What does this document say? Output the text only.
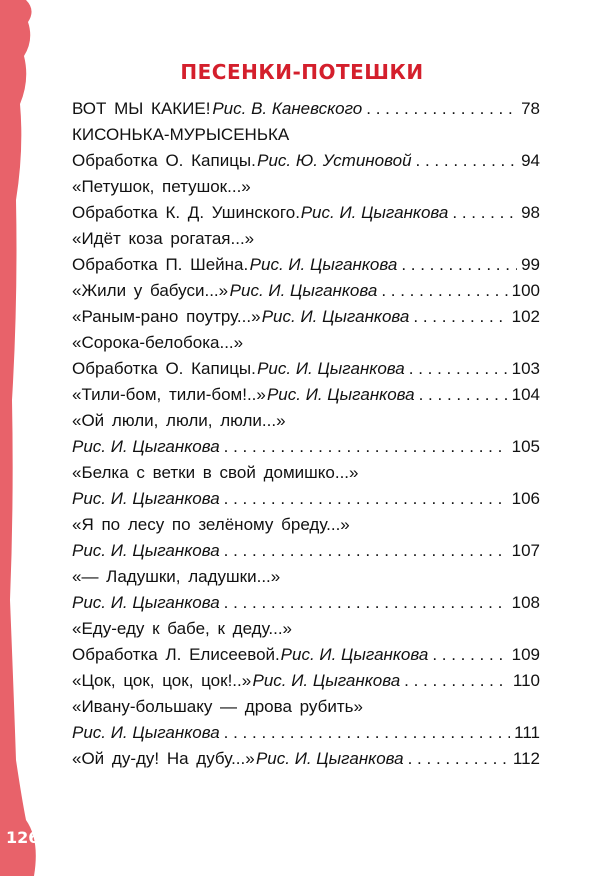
126
ПЕСЕНКИ-ПОТЕШКИ
ВОТ МЫ КАКИЕ! Рис. В. Каневского . . .	78
КИСОНЬКА-МУРЫСЕНЬКА
Обработка О. Капицы. Рис. Ю. Устиновой . . .	94
«Петушок, петушок...»
Обработка К. Д. Ушинского. Рис. И. Цыганкова . . .	98
«Идёт коза рогатая...»
Обработка П. Шейна. Рис. И. Цыганкова . . .	99
«Жили у бабуси...» Рис. И. Цыганкова . . .	100
«Раным-рано поутру...» Рис. И. Цыганкова . . .	102
«Сорока-белобока...»
Обработка О. Капицы. Рис. И. Цыганкова . . .	103
«Тили-бом, тили-бом!..» Рис. И. Цыганкова . . .	104
«Ой люли, люли, люли...»
Рис. И. Цыганкова . . .	105
«Белка с ветки в свой домишко...»
Рис. И. Цыганкова . . .	106
«Я по лесу по зелёному бреду...»
Рис. И. Цыганкова . . .	107
«— Ладушки, ладушки...»
Рис. И. Цыганкова . . .	108
«Еду-еду к бабе, к деду...»
Обработка Л. Елисеевой. Рис. И. Цыганкова . . .	109
«Цок, цок, цок, цок!..» Рис. И. Цыганкова . . .	110
«Ивану-большаку — дрова рубить»
Рис. И. Цыганкова . . .	111
«Ой ду-ду! На дубу...» Рис. И. Цыганкова . . .	112
